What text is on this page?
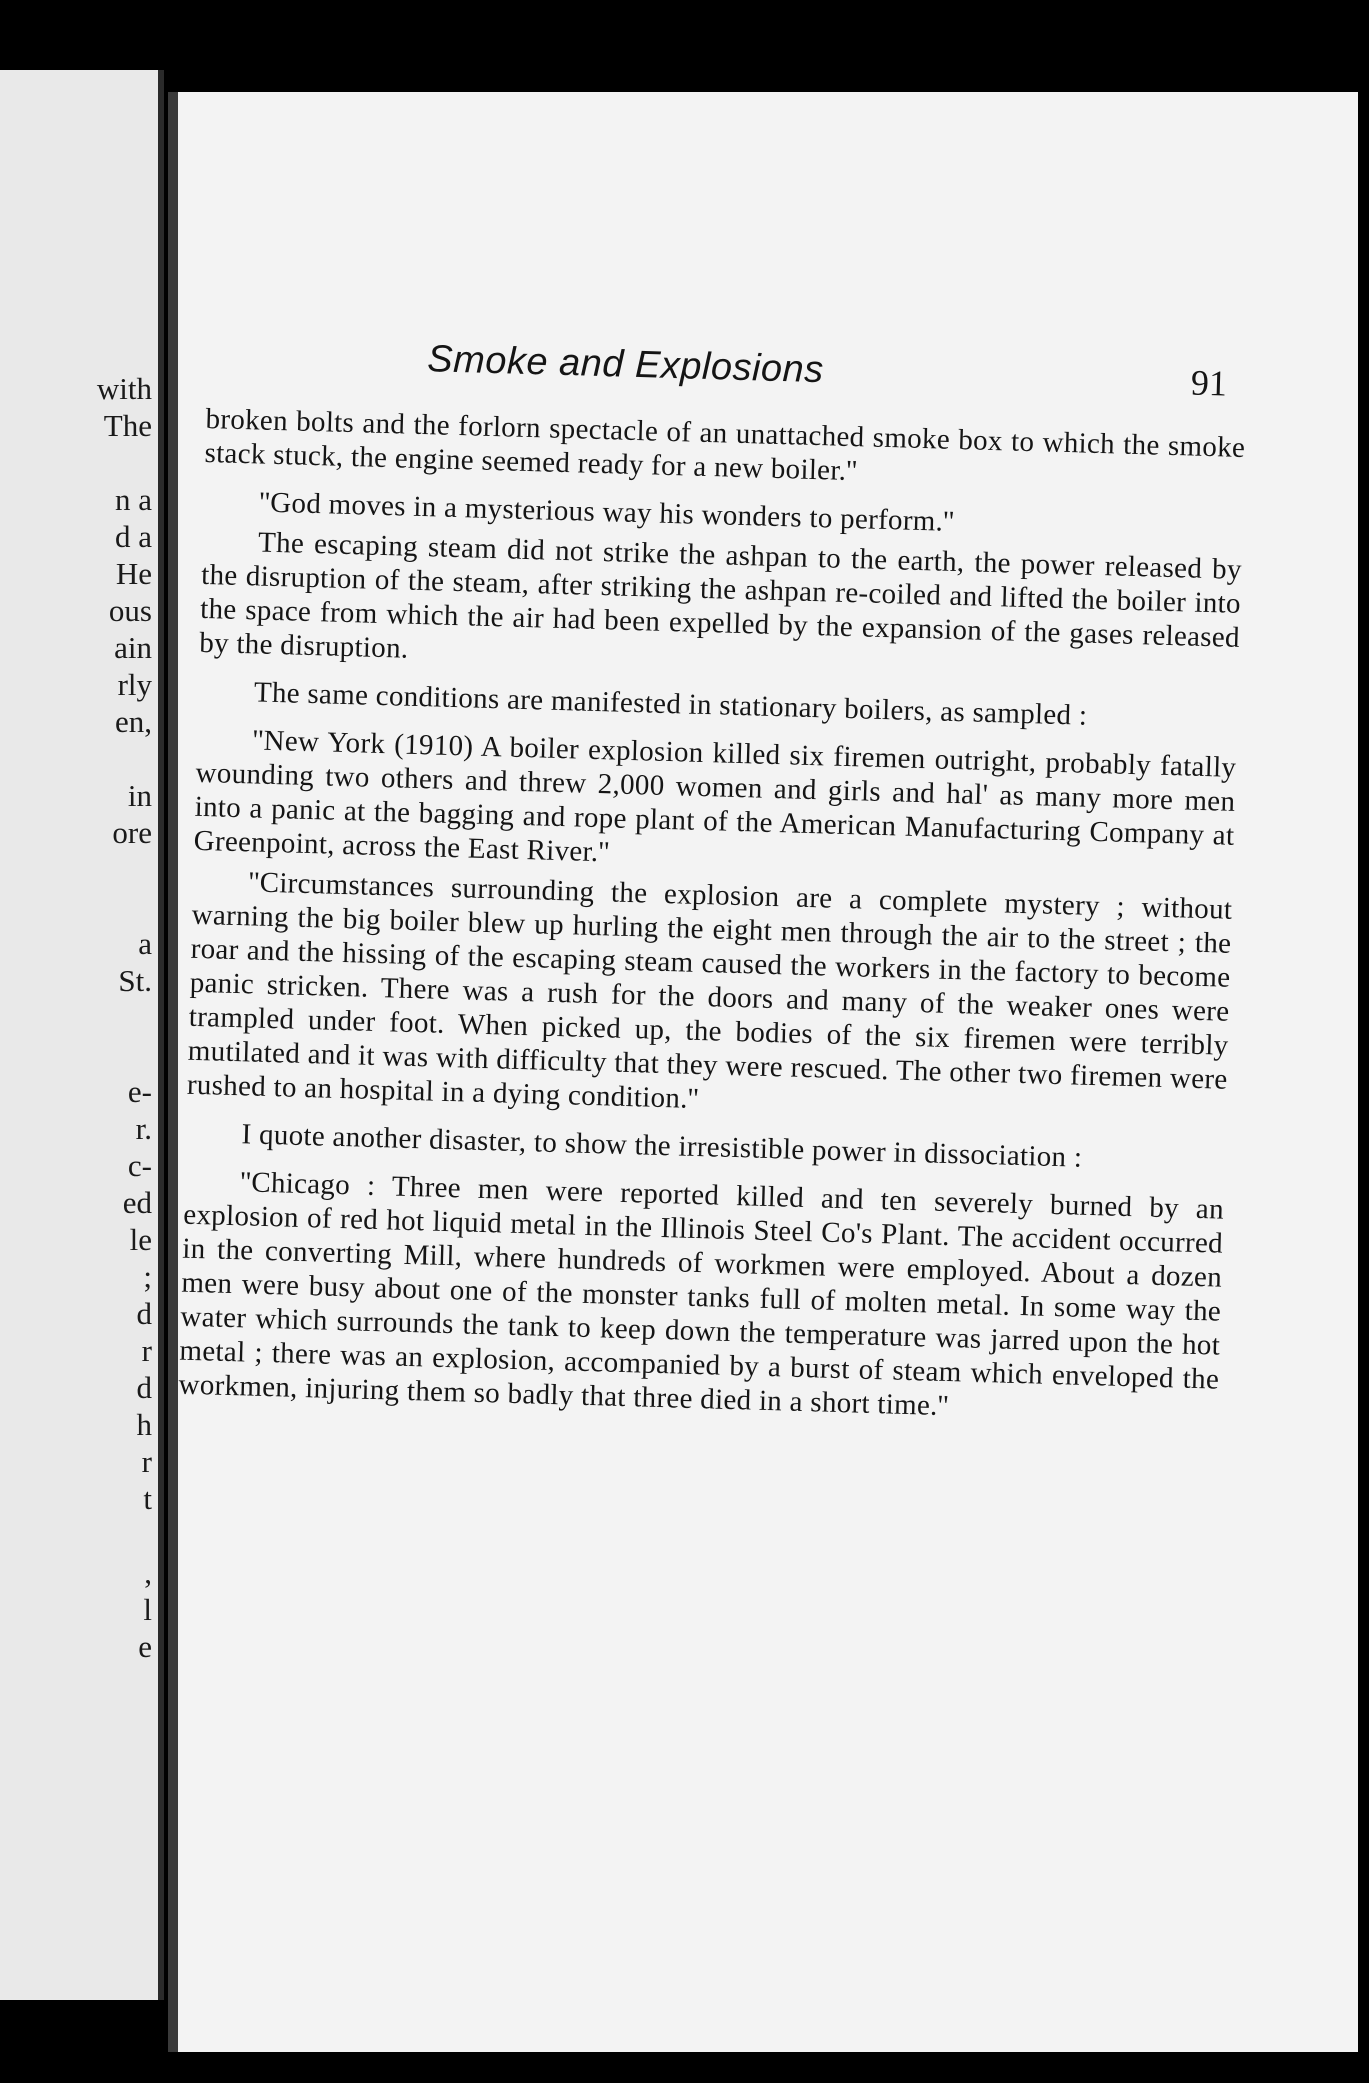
with
The
n a
d a
He
ous
ain
rly
en,
in
ore
a
St.
e-
r.
c-
ed
le
;
d
r
d
h
r
t
,
l
e
Smoke and Explosions	91

broken bolts and the forlorn spectacle of an unattached smoke box to which the smoke stack stuck, the engine seemed ready for a new boiler.''

''God moves in a mysterious way his wonders to perform.''

The escaping steam did not strike the ashpan to the earth, the power released by the disruption of the steam, after striking the ashpan re-coiled and lifted the boiler into the space from which the air had been expelled by the expansion of the gases released by the disruption.

The same conditions are manifested in stationary boilers, as sampled :

''New York (1910) A boiler explosion killed six firemen outright, probably fatally wounding two others and threw 2,000 women and girls and hal' as many more men into a panic at the bagging and rope plant of the American Manufacturing Company at Greenpoint, across the East River.''

''Circumstances surrounding the explosion are a complete mystery ; without warning the big boiler blew up hurling the eight men through the air to the street ; the roar and the hissing of the escaping steam caused the workers in the factory to become panic stricken. There was a rush for the doors and many of the weaker ones were trampled under foot. When picked up, the bodies of the six firemen were terribly mutilated and it was with difficulty that they were rescued. The other two firemen were rushed to an hospital in a dying condition.''

I quote another disaster, to show the irresistible power in dissociation :

''Chicago : Three men were reported killed and ten severely burned by an explosion of red hot liquid metal in the Illinois Steel Co's Plant. The accident occurred in the converting Mill, where hundreds of workmen were employed. About a dozen men were busy about one of the monster tanks full of molten metal. In some way the water which surrounds the tank to keep down the temperature was jarred upon the hot metal ; there was an explosion, accompanied by a burst of steam which enveloped the workmen, injuring them so badly that three died in a short time.''
